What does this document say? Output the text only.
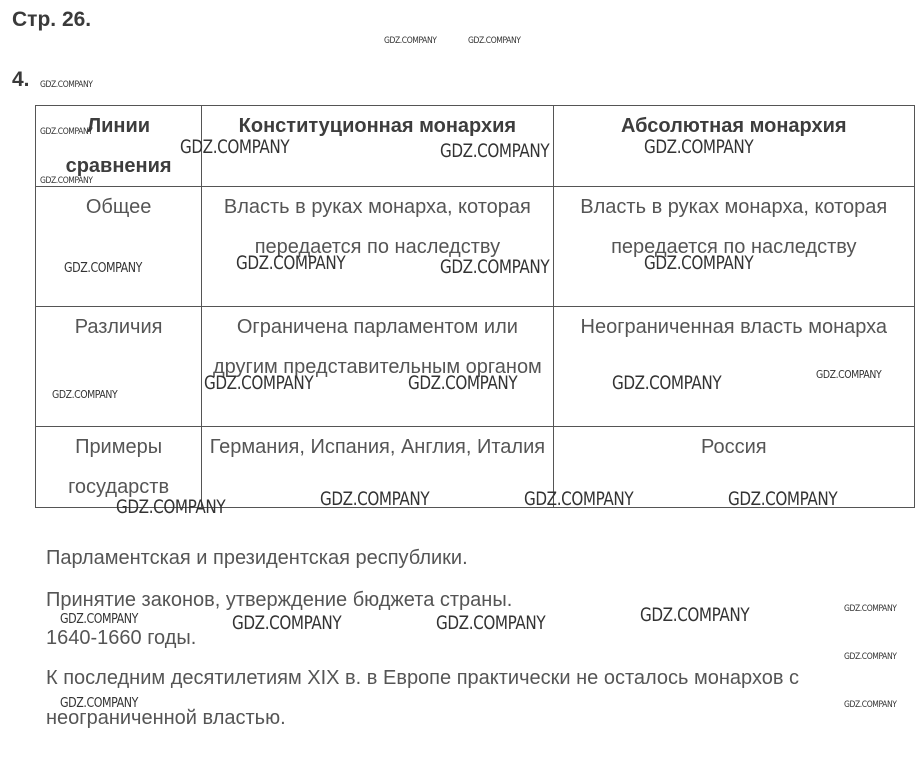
Стр. 26.
4.
Линии сравнения	Конституционная монархия	Абсолютная монархия
Общее	Власть в руках монарха, которая передается по наследству	Власть в руках монарха, которая передается по наследству
Различия	Ограничена парламентом или другим представительным органом	Неограниченная власть монарха
Примеры государств	Германия, Испания, Англия, Италия	Россия

Парламентская и президентская республики.

Принятие законов, утверждение бюджета страны.

1640-1660 годы.

К последним десятилетиям XIX в. в Европе практически не осталось монархов с неограниченной властью.

GDZ.COMPANY	GDZ.COMPANY
GDZ.COMPANY
GDZ.COMPANY
GDZ.COMPANY
GDZ.COMPANY	GDZ.COMPANY	GDZ.COMPANY
GDZ.COMPANY	GDZ.COMPANY	GDZ.COMPANY	GDZ.COMPANY
GDZ.COMPANY
GDZ.COMPANY	GDZ.COMPANY	GDZ.COMPANY	GDZ.COMPANY
GDZ.COMPANY	GDZ.COMPANY	GDZ.COMPANY	GDZ.COMPANY
GDZ.COMPANY	GDZ.COMPANY	GDZ.COMPANY	GDZ.COMPANY	GDZ.COMPANY
GDZ.COMPANY
GDZ.COMPANY	GDZ.COMPANY
